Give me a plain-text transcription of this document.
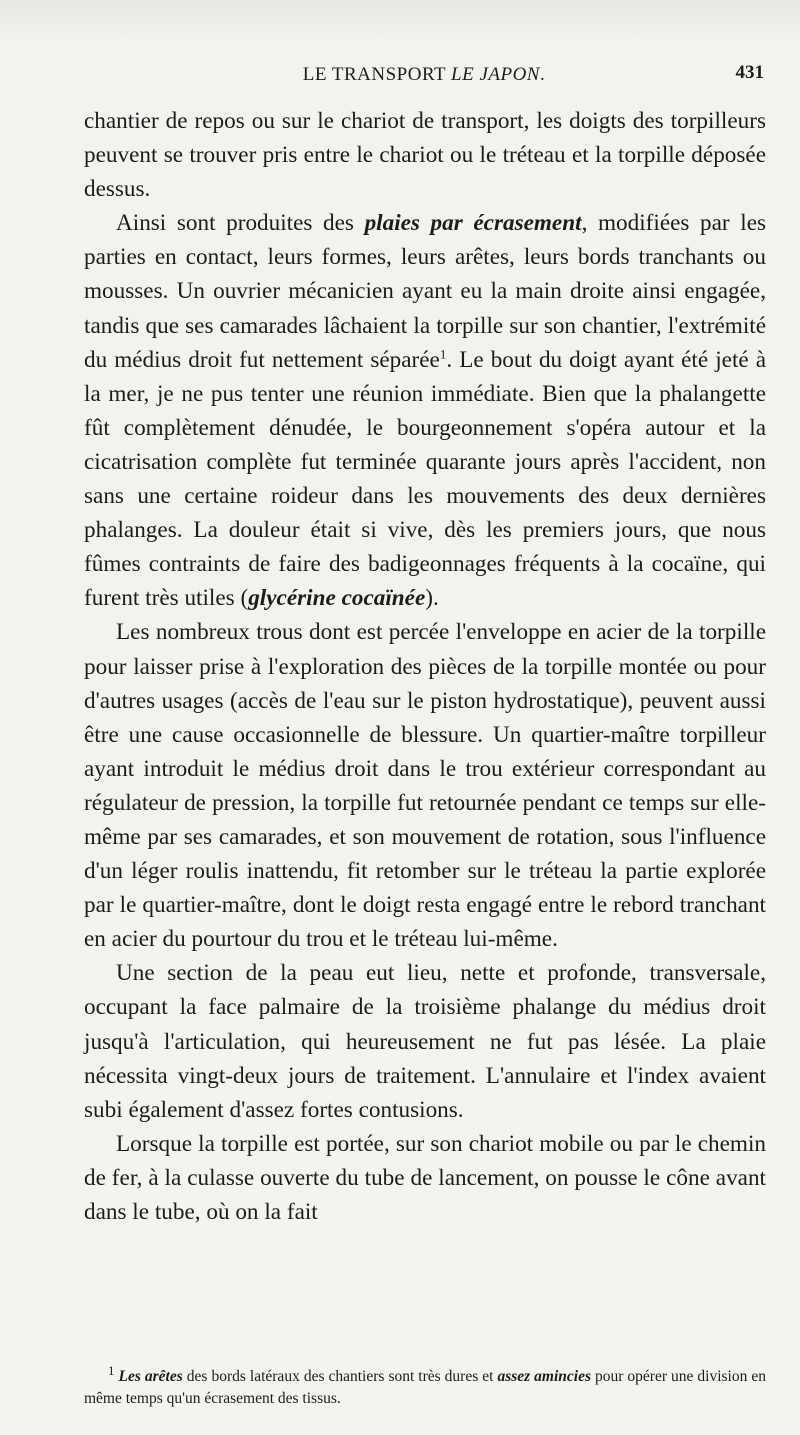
LE TRANSPORT LE JAPON.	431

chantier de repos ou sur le chariot de transport, les doigts des torpilleurs peuvent se trouver pris entre le chariot ou le tréteau et la torpille déposée dessus.

Ainsi sont produites des plaies par écrasement, modifiées par les parties en contact, leurs formes, leurs arêtes, leurs bords tranchants ou mousses. Un ouvrier mécanicien ayant eu la main droite ainsi engagée, tandis que ses camarades lâchaient la torpille sur son chantier, l'extrémité du médius droit fut nettement séparée$^1$. Le bout du doigt ayant été jeté à la mer, je ne pus tenter une réunion immédiate. Bien que la phalangette fût complètement dénudée, le bourgeonnement s'opéra autour et la cicatrisation complète fut terminée quarante jours après l'accident, non sans une certaine roideur dans les mouvements des deux dernières phalanges. La douleur était si vive, dès les premiers jours, que nous fûmes contraints de faire des badigeonnages fréquents à la cocaïne, qui furent très utiles (glycérine cocaïnée).

Les nombreux trous dont est percée l'enveloppe en acier de la torpille pour laisser prise à l'exploration des pièces de la torpille montée ou pour d'autres usages (accès de l'eau sur le piston hydrostatique), peuvent aussi être une cause occasionnelle de blessure. Un quartier-maître torpilleur ayant introduit le médius droit dans le trou extérieur correspondant au régulateur de pression, la torpille fut retournée pendant ce temps sur elle-même par ses camarades, et son mouvement de rotation, sous l'influence d'un léger roulis inattendu, fit retomber sur le tréteau la partie explorée par le quartier-maître, dont le doigt resta engagé entre le rebord tranchant en acier du pourtour du trou et le tréteau lui-même.

Une section de la peau eut lieu, nette et profonde, transversale, occupant la face palmaire de la troisième phalange du médius droit jusqu'à l'articulation, qui heureusement ne fut pas lésée. La plaie nécessita vingt-deux jours de traitement. L'annulaire et l'index avaient subi également d'assez fortes contusions.

Lorsque la torpille est portée, sur son chariot mobile ou par le chemin de fer, à la culasse ouverte du tube de lancement, on pousse le cône avant dans le tube, où on la fait

$^1$ Les arêtes des bords latéraux des chantiers sont très dures et assez amincies pour opérer une division en même temps qu'un écrasement des tissus.
